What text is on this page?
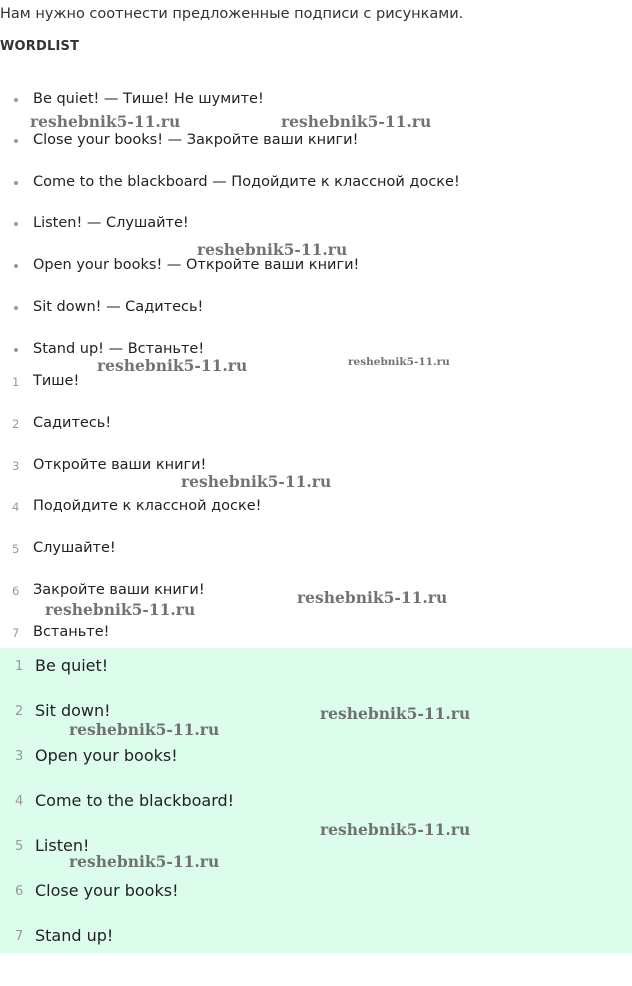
Нам нужно соотнести предложенные подписи с рисунками.
WORDLIST
Be quiet! — Тише! Не шумите!
Close your books! — Закройте ваши книги!
Come to the blackboard — Подойдите к классной доске!
Listen! — Слушайте!
Open your books! — Откройте ваши книги!
Sit down! — Садитесь!
Stand up! — Встаньте!
1 Тише!
2 Садитесь!
3 Откройте ваши книги!
4 Подойдите к классной доске!
5 Слушайте!
6 Закройте ваши книги!
7 Встаньте!
1 Be quiet!
2 Sit down!
3 Open your books!
4 Come to the blackboard!
5 Listen!
6 Close your books!
7 Stand up!
reshebnik5-11.ru	reshebnik5-11.ru
reshebnik5-11.ru
reshebnik5-11.ru	reshebnik5-11.ru
reshebnik5-11.ru
reshebnik5-11.ru
reshebnik5-11.ru
reshebnik5-11.ru
reshebnik5-11.ru
reshebnik5-11.ru
reshebnik5-11.ru
